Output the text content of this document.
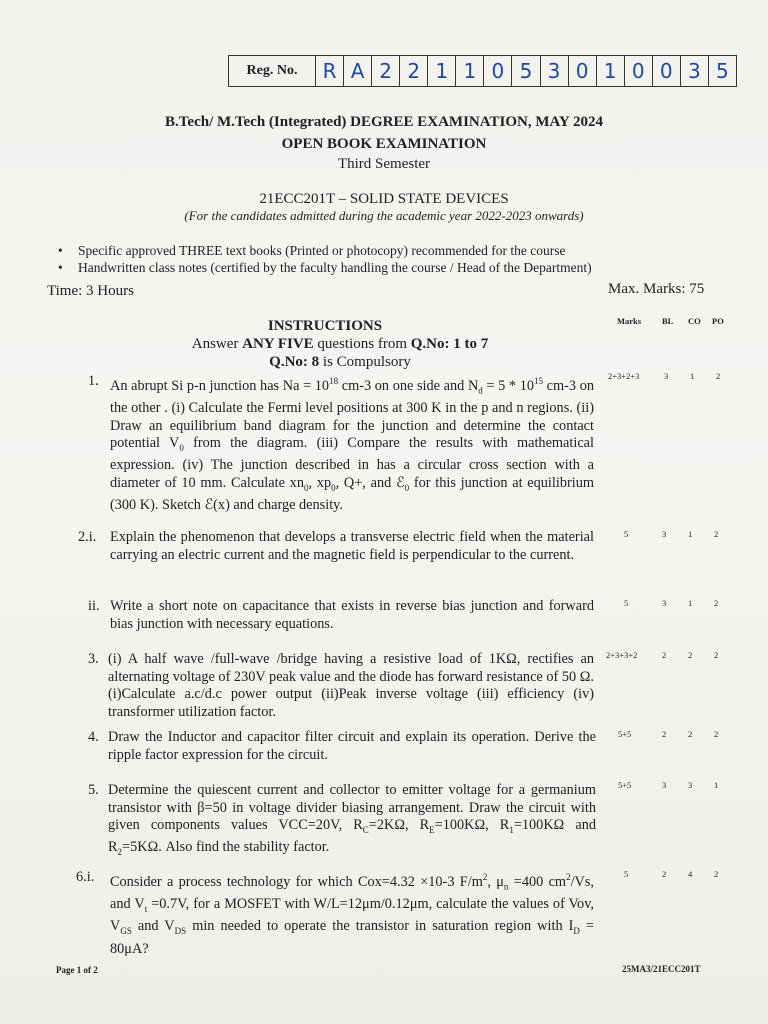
Reg. No.	R A 2 2 1 1 0 5 3 0 1 0 0 3 5
B.Tech/ M.Tech (Integrated) DEGREE EXAMINATION, MAY 2024
OPEN BOOK EXAMINATION
Third Semester
21ECC201T – SOLID STATE DEVICES
(For the candidates admitted during the academic year 2022-2023 onwards)
• Specific approved THREE text books (Printed or photocopy) recommended for the course
• Handwritten class notes (certified by the faculty handling the course / Head of the Department)
Time: 3 Hours	Max. Marks: 75
Marks BL CO PO
INSTRUCTIONS
Answer ANY FIVE questions from Q.No: 1 to 7
Q.No: 8 is Compulsory
1. An abrupt Si p-n junction has $Na = 10^{18}$ cm-3 on one side and $N_d = 5 * 10^{15}$ cm-3 on the other . (i) Calculate the Fermi level positions at 300 K in the p and n regions. (ii) Draw an equilibrium band diagram for the junction and determine the contact potential $V_0$ from the diagram. (iii) Compare the results with mathematical expression. (iv) The junction described in has a circular cross section with a diameter of 10 mm. Calculate $xn_0$, $xp_0$, Q+, and ℰ$_0$ for this junction at equilibrium (300 K). Sketch ℰ(x) and charge density.
2+3+2+3	3	1	2
2.i. Explain the phenomenon that develops a transverse electric field when the material carrying an electric current and the magnetic field is perpendicular to the current.
5	3	1	2
ii. Write a short note on capacitance that exists in reverse bias junction and forward bias junction with necessary equations.
5	3	1	2
3. (i) A half wave /full-wave /bridge having a resistive load of 1KΩ, rectifies an alternating voltage of 230V peak value and the diode has forward resistance of 50 Ω. (i)Calculate a.c/d.c power output (ii)Peak inverse voltage (iii) efficiency (iv) transformer utilization factor.
2+3+3+2	2	2	2
4. Draw the Inductor and capacitor filter circuit and explain its operation. Derive the ripple factor expression for the circuit.
5+5	2	2	2
5. Determine the quiescent current and collector to emitter voltage for a germanium transistor with β=50 in voltage divider biasing arrangement. Draw the circuit with given components values VCC=20V, $R_C=2K\Omega$, $R_E=100K\Omega$, $R_1=100K\Omega$ and $R_2=5K\Omega$. Also find the stability factor.
5+5	3	3	1
6.i. Consider a process technology for which Cox=4.32 ×10-3 $F/m^2$, $\mu_n =400$ $cm^2/Vs$, and $V_t =0.7V$, for a MOSFET with W/L=12μm/0.12μm, calculate the values of Vov, $V_{GS}$ and $V_{DS}$ min needed to operate the transistor in saturation region with $I_D = 80\mu A$?
5	2	4	2
Page 1 of 2	25MA3/21ECC201T
